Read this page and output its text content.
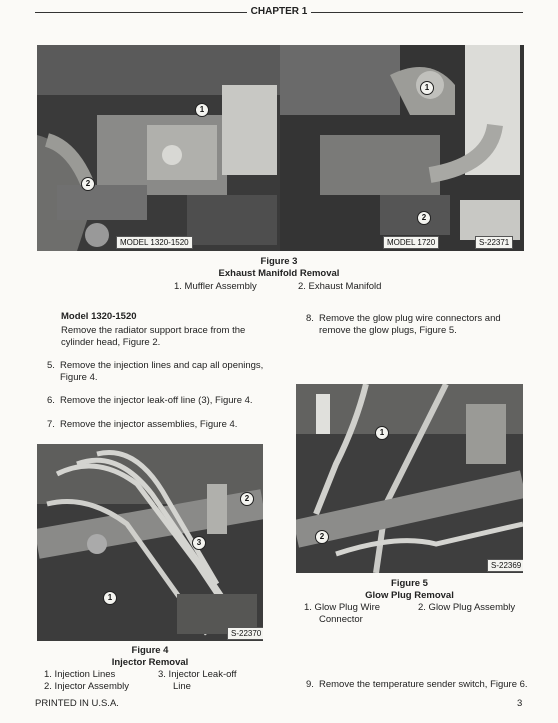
CHAPTER 1
1
2
MODEL 1320-1520
1
2
MODEL 1720	S-22371
Figure 3
Exhaust Manifold Removal
1. Muffler Assembly	2. Exhaust Manifold
Model 1320-1520
Remove the radiator support brace from the
cylinder head, Figure 2.
5. Remove the injection lines and cap all openings,
Figure 4.
6. Remove the injector leak-off line (3), Figure 4.
7. Remove the injector assemblies, Figure 4.
8. Remove the glow plug wire connectors and
remove the glow plugs, Figure 5.
2
3
1
S-22370
Figure 4
Injector Removal
1. Injection Lines
2. Injector Assembly
3. Injector Leak-off
Line
1
2
S-22369
Figure 5
Glow Plug Removal
1. Glow Plug Wire
Connector
2. Glow Plug Assembly
9. Remove the temperature sender switch, Figure 6.
PRINTED IN U.S.A.	3
